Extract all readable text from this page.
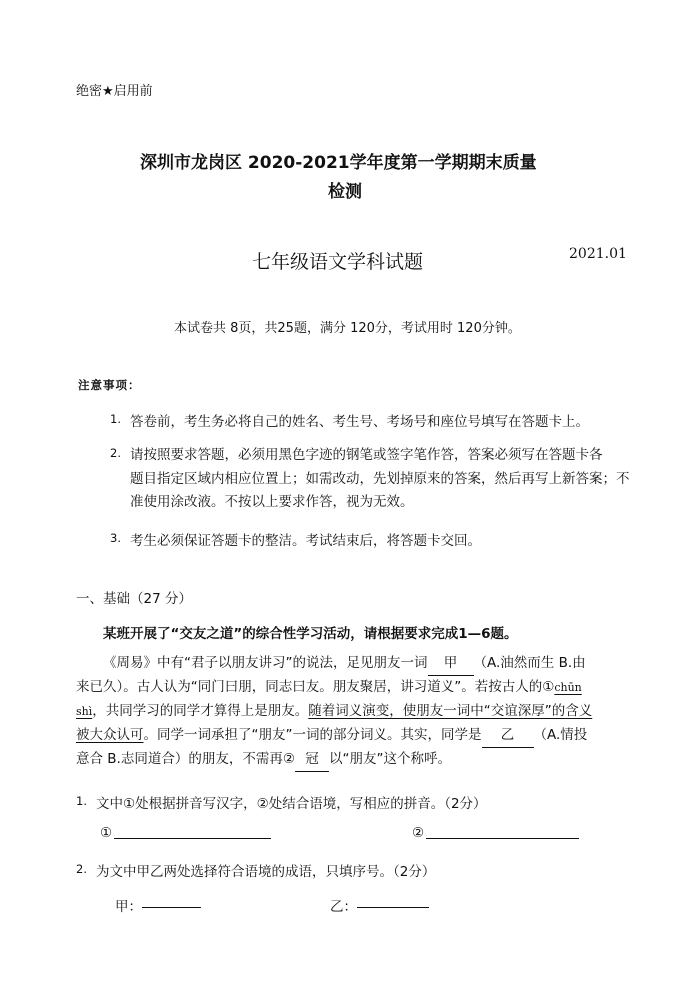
绝密★启用前
深圳市龙岗区 2020-2021学年度第一学期期末质量
检测
七年级语文学科试题	2021.01
本试卷共 8页，共25题，满分 120分，考试用时 120分钟。
注意事项：
1. 答卷前，考生务必将自己的姓名、考生号、考场号和座位号填写在答题卡上。
2. 请按照要求答题，必须用黑色字迹的钢笔或签字笔作答，答案必须写在答题卡各
题目指定区域内相应位置上；如需改动，先划掉原来的答案，然后再写上新答案；不
准使用涂改液。不按以上要求作答，视为无效。
3. 考生必须保证答题卡的整洁。考试结束后，将答题卡交回。
一、基础（27 分）
某班开展了“交友之道”的综合性学习活动，请根据要求完成1—6题。
《周易》中有“君子以朋友讲习”的说法，足见朋友一词 甲 （A.油然而生 B.由
来已久）。古人认为“同门曰朋，同志曰友。朋友聚居，讲习道义”。若按古人的①chūn
shì，共同学习的同学才算得上是朋友。随着词义演变，使朋友一词中“交谊深厚”的含义
被大众认可。同学一词承担了“朋友”一词的部分词义。其实，同学是 乙 （A.情投
意合 B.志同道合）的朋友，不需再② 冠 以“朋友”这个称呼。
1. 文中①处根据拼音写汉字，②处结合语境，写相应的拼音。（2分）
①	②
2. 为文中甲乙两处选择符合语境的成语，只填序号。（2分）
甲：	乙：
